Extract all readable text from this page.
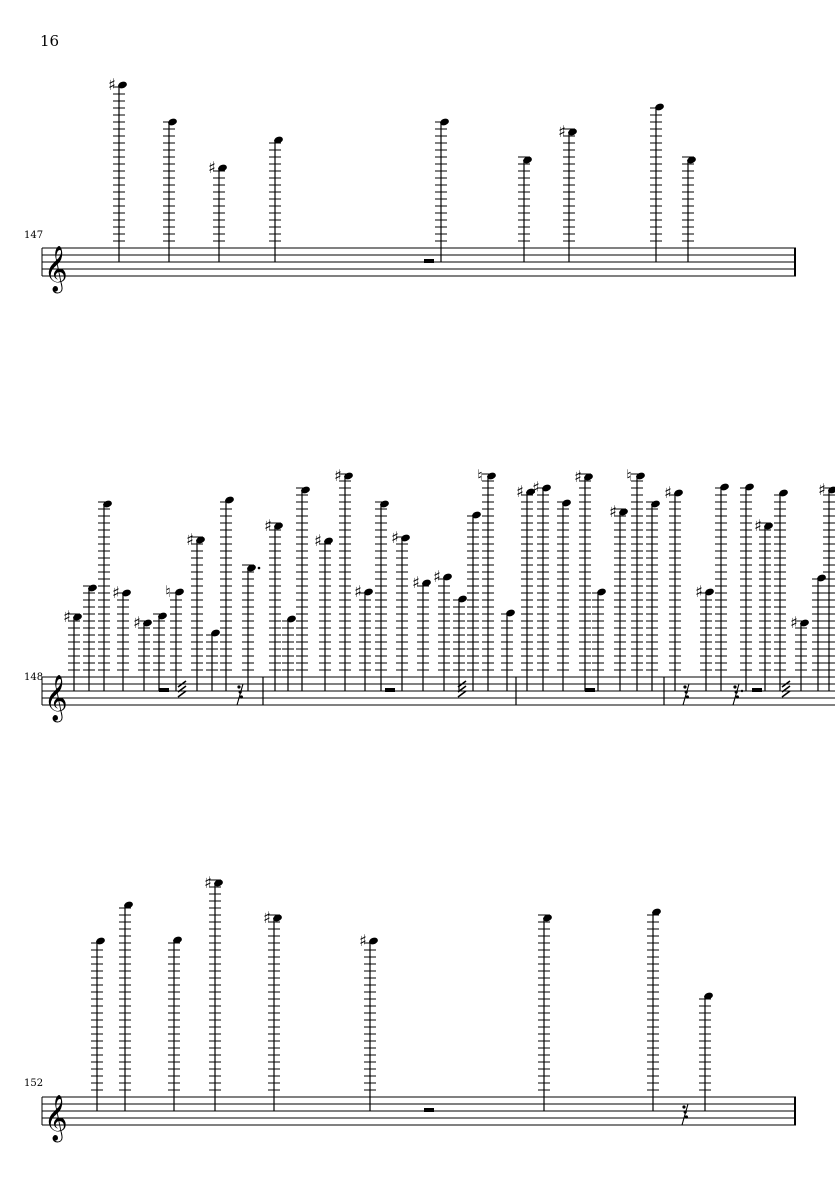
16
147
148
152
𝄞
♯
♯
♯
𝄞
♯
♯
♯
♮
♯
♯
♯
♯
♯
♯
♯ ♯
♮
♯ ♯
♯
♯
♮
♯
♯
♯
♯
♯
𝄞
♯
♯
♯
